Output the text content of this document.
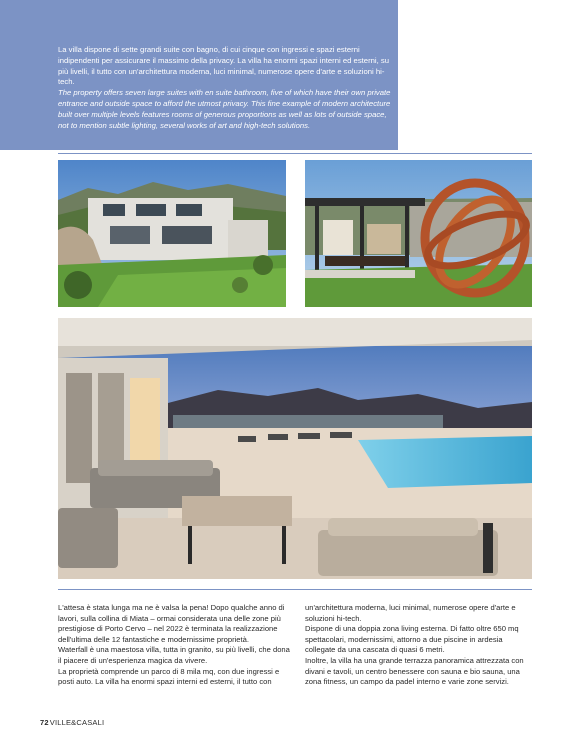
La villa dispone di sette grandi suite con bagno, di cui cinque con ingressi e spazi esterni indipendenti per assicurare il massimo della privacy. La villa ha enormi spazi interni ed esterni, su più livelli, il tutto con un'architettura moderna, luci minimal, numerose opere d'arte e soluzioni hi-tech.

The property offers seven large suites with en suite bathroom, five of which have their own private entrance and outside space to afford the utmost privacy. This fine example of modern architecture built over multiple levels features rooms of generous proportions as well as lots of outside space, not to mention subtle lighting, several works of art and high-tech solutions.

L'attesa è stata lunga ma ne è valsa la pena! Dopo qualche anno di lavori, sulla collina di Miata – ormai considerata una delle zone più prestigiose di Porto Cervo – nel 2022 è terminata la realizzazione dell'ultima delle 12 fantastiche e modernissime proprietà.

Waterfall è una maestosa villa, tutta in granito, su più livelli, che dona il piacere di un'esperienza magica da vivere.

La proprietà comprende un parco di 8 mila mq, con due ingressi e posti auto. La villa ha enormi spazi interni ed esterni, il tutto con

un'architettura moderna, luci minimal, numerose opere d'arte e soluzioni hi-tech.

Dispone di una doppia zona living esterna. Di fatto oltre 650 mq spettacolari, modernissimi, attorno a due piscine in ardesia collegate da una cascata di quasi 6 metri.

Inoltre, la villa ha una grande terrazza panoramica attrezzata con divani e tavoli, un centro benessere con sauna e bio sauna, una zona fitness, un campo da padel interno e varie zone servizi.

72VILLE&CASALI
